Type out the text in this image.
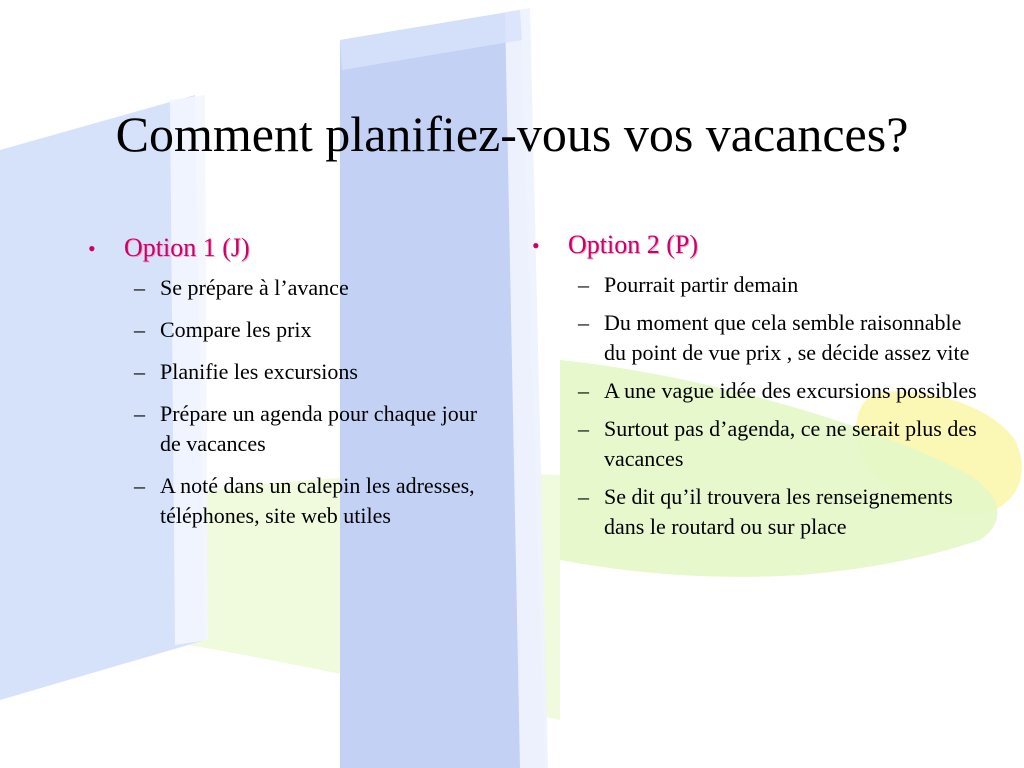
Comment planifiez-vous vos vacances?
•	Option 1 (J)
– Se prépare à l’avance
– Compare les prix
– Planifie les excursions
– Prépare un agenda pour chaque jour de vacances
– A noté dans un calepin les adresses, téléphones, site web utiles
•	Option 2 (P)
– Pourrait partir demain
– Du moment que cela semble raisonnable du point de vue prix , se décide assez vite
– A une vague idée des excursions possibles
– Surtout pas d’agenda, ce ne serait plus des vacances
– Se dit qu’il trouvera les renseignements dans le routard ou sur place
